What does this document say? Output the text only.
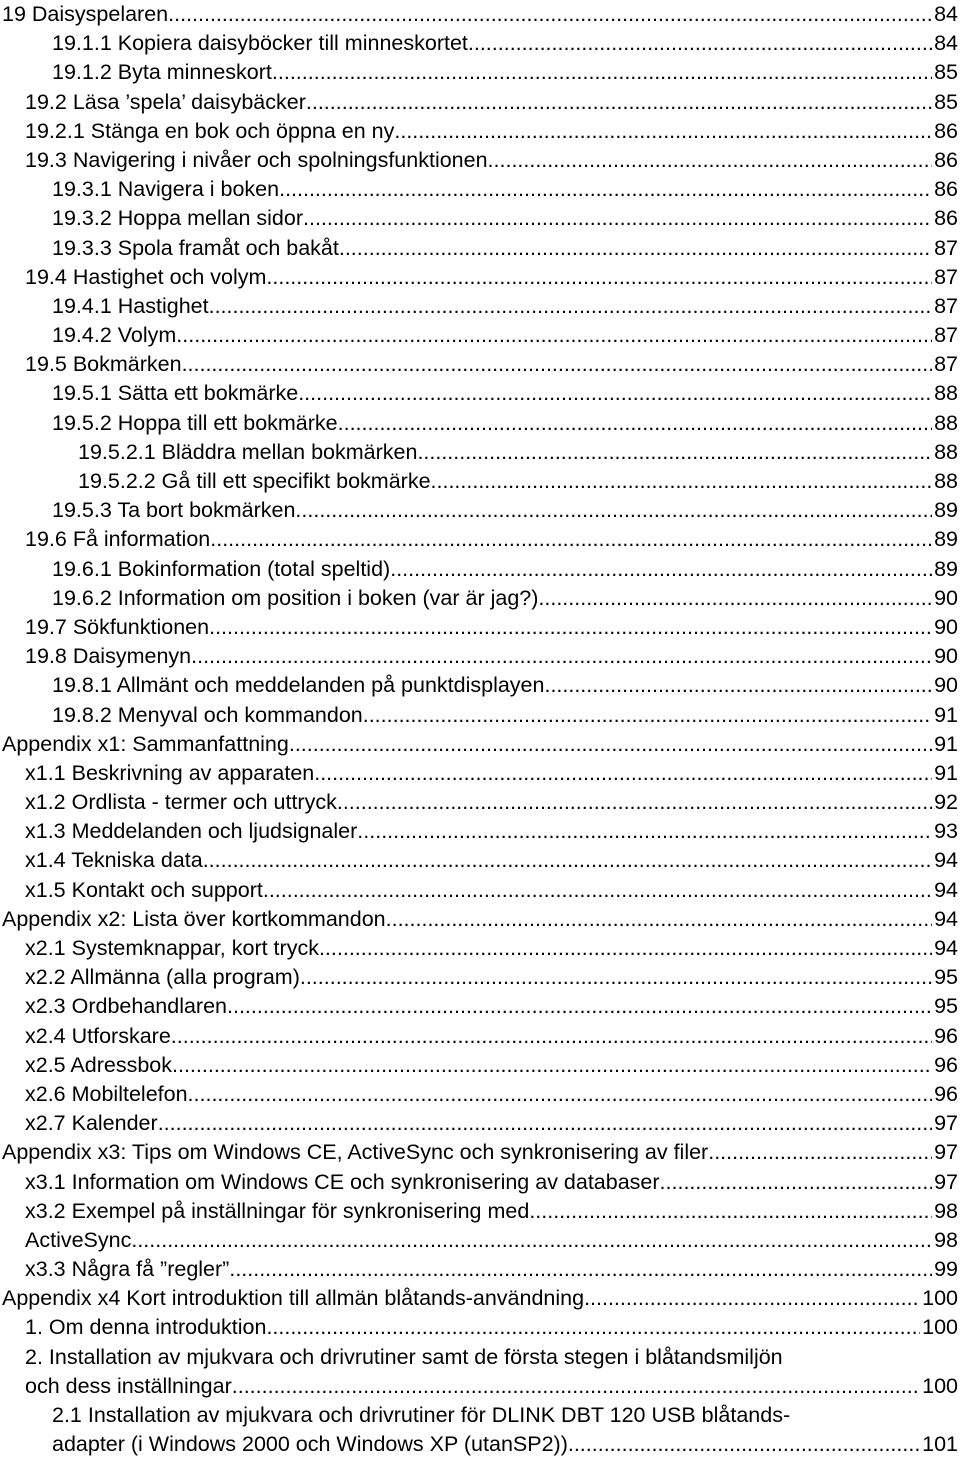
19 Daisyspelaren .....	84
19.1.1 Kopiera daisyböcker till minneskortet .....	84
19.1.2 Byta minneskort .....	85
19.2 Läsa ’spela’ daisybäcker .....	85
19.2.1 Stänga en bok och öppna en ny .....	86
19.3 Navigering i nivåer och spolningsfunktionen .....	86
19.3.1 Navigera i boken .....	86
19.3.2 Hoppa mellan sidor .....	86
19.3.3 Spola framåt och bakåt .....	87
19.4 Hastighet och volym .....	87
19.4.1 Hastighet .....	87
19.4.2 Volym .....	87
19.5 Bokmärken .....	87
19.5.1 Sätta ett bokmärke .....	88
19.5.2 Hoppa till ett bokmärke .....	88
19.5.2.1 Bläddra mellan bokmärken .....	88
19.5.2.2 Gå till ett specifikt bokmärke .....	88
19.5.3 Ta bort bokmärken .....	89
19.6 Få information .....	89
19.6.1 Bokinformation (total speltid) .....	89
19.6.2 Information om position i boken (var är jag?) .....	90
19.7 Sökfunktionen .....	90
19.8 Daisymenyn .....	90
19.8.1 Allmänt och meddelanden på punktdisplayen .....	90
19.8.2 Menyval och kommandon .....	91
Appendix x1: Sammanfattning .....	91
x1.1 Beskrivning av apparaten .....	91
x1.2 Ordlista - termer och uttryck .....	92
x1.3 Meddelanden och ljudsignaler .....	93
x1.4 Tekniska data .....	94
x1.5 Kontakt och support .....	94
Appendix x2: Lista över kortkommandon .....	94
x2.1 Systemknappar, kort tryck .....	94
x2.2 Allmänna (alla program) .....	95
x2.3 Ordbehandlaren .....	95
x2.4 Utforskare .....	96
x2.5 Adressbok .....	96
x2.6 Mobiltelefon .....	96
x2.7 Kalender .....	97
Appendix x3: Tips om Windows CE, ActiveSync och synkronisering av filer .....	97
x3.1 Information om Windows CE och synkronisering av databaser .....	97
x3.2 Exempel på inställningar för synkronisering med .....	98
ActiveSync .....	98
x3.3 Några få ”regler” .....	99
Appendix x4 Kort introduktion till allmän blåtands-användning .....	100
1. Om denna introduktion .....	100
2. Installation av mjukvara och drivrutiner samt de första stegen i blåtandsmiljön
och dess inställningar .....	100
2.1 Installation av mjukvara och drivrutiner för DLINK DBT 120 USB blåtands-
adapter (i Windows 2000 och Windows XP (utanSP2)) .....	101
